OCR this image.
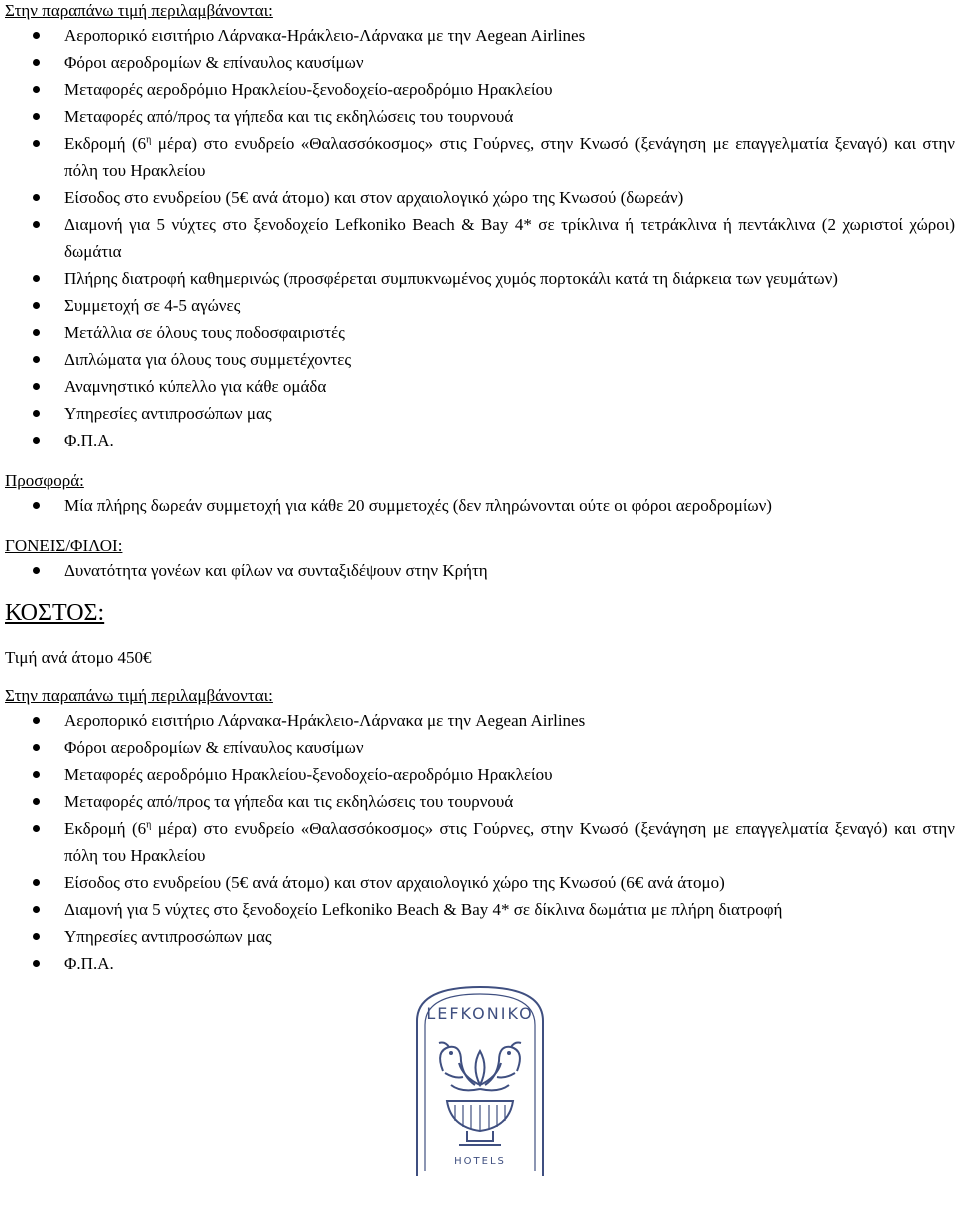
Στην παραπάνω τιμή περιλαμβάνονται:
Αεροπορικό εισιτήριο Λάρνακα-Ηράκλειο-Λάρνακα με την Aegean Airlines
Φόροι αεροδρομίων & επίναυλος καυσίμων
Μεταφορές αεροδρόμιο Ηρακλείου-ξενοδοχείο-αεροδρόμιο Ηρακλείου
Μεταφορές από/προς τα γήπεδα και τις εκδηλώσεις του τουρνουά
Εκδρομή ($6^\eta$ μέρα) στο ενυδρείο «Θαλασσόκοσμος» στις Γούρνες, στην Κνωσό (ξενάγηση με επαγγελματία ξεναγό) και στην πόλη του Ηρακλείου
Είσοδος στο ενυδρείου (5€ ανά άτομο) και στον αρχαιολογικό χώρο της Κνωσού (δωρεάν)
Διαμονή για 5 νύχτες στο ξενοδοχείο Lefkoniko Beach & Bay 4* σε τρίκλινα ή τετράκλινα ή πεντάκλινα (2 χωριστοί χώροι) δωμάτια
Πλήρης διατροφή καθημερινώς (προσφέρεται συμπυκνωμένος χυμός πορτοκάλι κατά τη διάρκεια των γευμάτων)
Συμμετοχή σε 4-5 αγώνες
Μετάλλια σε όλους τους ποδοσφαιριστές
Διπλώματα για όλους τους συμμετέχοντες
Αναμνηστικό κύπελλο για κάθε ομάδα
Υπηρεσίες αντιπροσώπων μας
Φ.Π.Α.
Προσφορά:
Μία πλήρης δωρεάν συμμετοχή για κάθε 20 συμμετοχές (δεν πληρώνονται ούτε οι φόροι αεροδρομίων)
ΓΟΝΕΙΣ/ΦΙΛΟΙ:
Δυνατότητα γονέων και φίλων να συνταξιδέψουν στην Κρήτη
ΚΟΣΤΟΣ:

Τιμή ανά άτομο 450€

Στην παραπάνω τιμή περιλαμβάνονται:
Αεροπορικό εισιτήριο Λάρνακα-Ηράκλειο-Λάρνακα με την Aegean Airlines
Φόροι αεροδρομίων & επίναυλος καυσίμων
Μεταφορές αεροδρόμιο Ηρακλείου-ξενοδοχείο-αεροδρόμιο Ηρακλείου
Μεταφορές από/προς τα γήπεδα και τις εκδηλώσεις του τουρνουά
Εκδρομή ($6^\eta$ μέρα) στο ενυδρείο «Θαλασσόκοσμος» στις Γούρνες, στην Κνωσό (ξενάγηση με επαγγελματία ξεναγό) και στην πόλη του Ηρακλείου
Είσοδος στο ενυδρείου (5€ ανά άτομο) και στον αρχαιολογικό χώρο της Κνωσού (6€ ανά άτομο)
Διαμονή για 5 νύχτες στο ξενοδοχείο Lefkoniko Beach & Bay 4* σε δίκλινα δωμάτια με πλήρη διατροφή
Υπηρεσίες αντιπροσώπων μας
Φ.Π.Α.
LEFKONIKO
HOTELS
